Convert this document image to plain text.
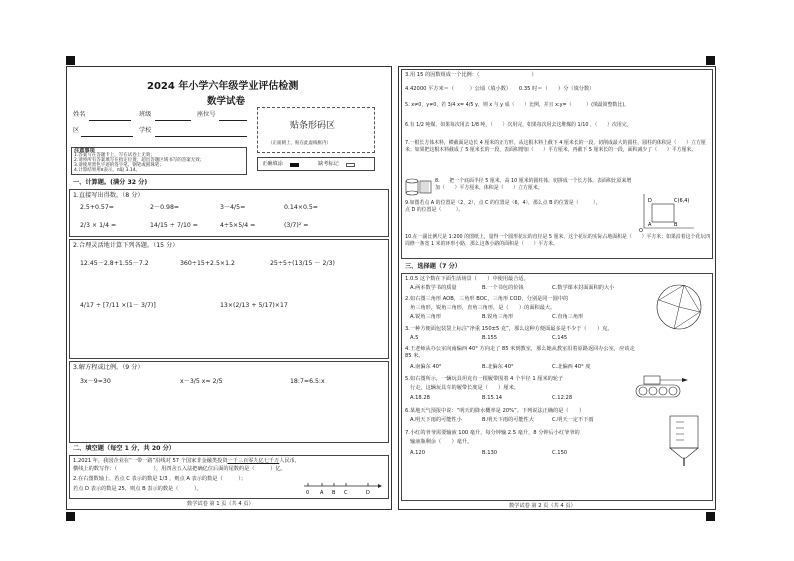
2024 年小学六年级学业评估检测
数学试卷
姓名	班级	座位号
区	学校	贴条形码区
（正面朝上，贴在此虚线框内）
注意事项
1.答案写在答题卡上，写在试卷上无效；
2.请将所有答案填写在指定位置，超出答题区域书写的答案无效；
3.请使用黑色字迹的签字笔、钢笔或圆珠笔；
4.计算结果用π表示，π取 3.14。
正确填涂	缺考标记
一、计算题。(满分 32 分)
1.直接写出得数。（8 分）
2.5+0.57=	2－0.98=	3－4/5=	0.14×0.5=
2/3 × 1/4 =	14/15 ÷ 7/10 =	4÷5×5/4 =	(3/7)² =
2.合理灵活地计算下列各题。（15 分）
12.45－2.8+1.55－7.2	360÷15+2.5×1.2	25÷5÷(13/15 － 2/3)
4/17 ÷ [7/11 ×(1－ 3/7)]	13×(2/13 + 5/17)×17
3.解方程或比例。（9 分）
3x－9=30	x－3/5 x= 2/5	18:7=6.5:x
二、填空题（每空 1 分，共 20 分）
1.2021 年，我国企业在“一带一路”沿线对 57 个国家非金融类投资一千三百零九亿七千万人民币，
横线上的数写作：（　　　　　　　），用四舍五入法把确亿位后面的尾数约是（　　　）亿。
2.在右图数轴上，若点 C 表示的数是 1/3 ，则点 A 表示的数是（　　　）；
若点 D 表示的数是 25，则点 B 表示的数是（　　　）。
0 A B C	D
数学试卷 第 1 页（共 4 页）
3.用 15 的因数组成一个比例：（　　　　　　　　　　）
4.42000 平方米＝（　　　）公顷（填小数）　　0.35 时＝（　　）分（填分数）
5. x≠0，y≠0，若 3/4 x= 4/5 y，则 x 与 y 成（　　）比例，并且 x:y=（　　　）(填最简整数比)。
6.有 1/2 吨煤，如果每次用去 1/8 吨，（　　）次用完，如果每次用去这堆煤的 1/10 ，（　　）次用完。
7.一根长方体木料，横截面是边长 4 厘米的正方形，从这根木料上截下 4 厘米长的一段，切削成最大的圆柱，圆柱的体积是（　　）立方厘米；如果把这根木料截成了 5 厘米长的一段，表面积增加（　　）平方厘米，再截下 5 厘米长的一段，面积减少了（　　）平方厘米。
8.　　把一个底面半径 5 厘米，高 10 厘米的圆柱体，切拼成一个长方体，表面积比原来增加（　　）平方厘米，体积是（　　）立方厘米。
9.如图若点 A 的位置是（2，2），点 C 的位置是（6，4），那么点 B 的位置是（　　　），点 D 的位置是（　　　）。
D	C(6,4)
A	B
O
10.在一副比例尺是 1:200 的图纸上，量得一个圆形花坛的直径是 5 厘米，这个花坛的实际占地面积是（　　）平方米；如果沿着这个花坛四周修一条宽 1 米的环形小路，那么这条小路的面积是（　　）平方米。
三、选择题（7 分）
1.0.5 这个数在下面生活场景（　　）中使用最合适。
A.两本数学书的质量	B.一个书包的价钱	C.数学课本封面面积的大小
2.如右图三角形 AOB，三角形 BOC，三角形 COD，分别是同一圆中的
角三角形，锐角三角形，直角三角形，是（　　）的面积最大。
A.锐角三角形	B.锐角三角形	C.直角三角形
3.一种方便面包装袋上标注“净重 150±5 克”，那么这种方便面最多是不少于（　　）克。
A.5	B.155	C.145
4.王老师从办公室向南偏西 40° 方向走了 85 米到教室，那么她从教室沿着原路返回办公室，应该走 85 米。
A.南偏东 40°	B.北偏东 40°	C.北偏西 40° 度
5.如右图所示，一辆玩具坦克有一根履带围着 4 个半径 1 厘米的轮子
行走，这辆玩具车的履带长度是（　　）厘米。
A.18.28	B.15.14	C.12.28
6.某地天气预报中说：“明天的降水概率是 20%”。下列说法正确的是（　　）
A.明天下雨的可能性小	B.明天下雨的可能性大	C.明天一定不下雨
7.小红的爷爷需要输液 100 毫升，每分钟输 2.5 毫升，8 分钟后小红爷爷的
输液瓶剩余（　　）毫升。
A.120	B.130	C.150
数学试卷 第 2 页（共 4 页）
